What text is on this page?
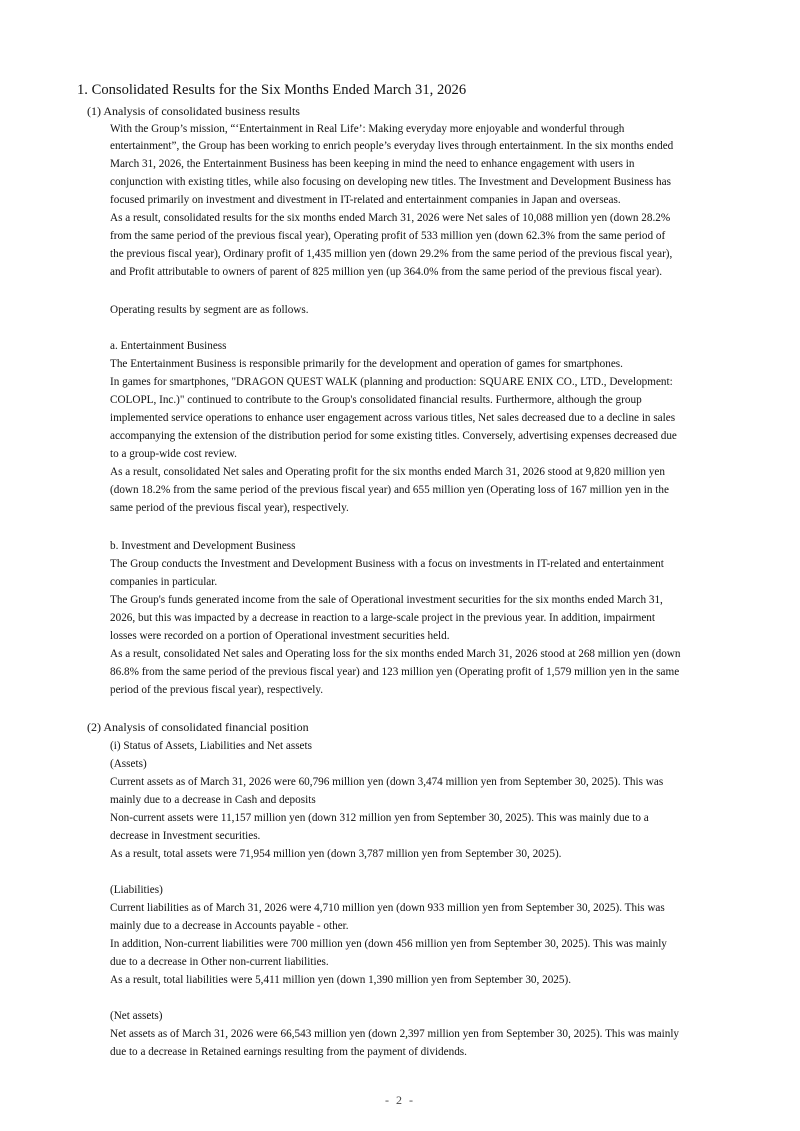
1. Consolidated Results for the Six Months Ended March 31, 2026
(1) Analysis of consolidated business results
With the Group’s mission, “‘Entertainment in Real Life’: Making everyday more enjoyable and wonderful through
entertainment”, the Group has been working to enrich people’s everyday lives through entertainment. In the six months ended
March 31, 2026, the Entertainment Business has been keeping in mind the need to enhance engagement with users in
conjunction with existing titles, while also focusing on developing new titles. The Investment and Development Business has
focused primarily on investment and divestment in IT-related and entertainment companies in Japan and overseas.
As a result, consolidated results for the six months ended March 31, 2026 were Net sales of 10,088 million yen (down 28.2%
from the same period of the previous fiscal year), Operating profit of 533 million yen (down 62.3% from the same period of
the previous fiscal year), Ordinary profit of 1,435 million yen (down 29.2% from the same period of the previous fiscal year),
and Profit attributable to owners of parent of 825 million yen (up 364.0% from the same period of the previous fiscal year).
Operating results by segment are as follows.
a. Entertainment Business
The Entertainment Business is responsible primarily for the development and operation of games for smartphones.
In games for smartphones, "DRAGON QUEST WALK (planning and production: SQUARE ENIX CO., LTD., Development:
COLOPL, Inc.)" continued to contribute to the Group's consolidated financial results. Furthermore, although the group
implemented service operations to enhance user engagement across various titles, Net sales decreased due to a decline in sales
accompanying the extension of the distribution period for some existing titles. Conversely, advertising expenses decreased due
to a group-wide cost review.
As a result, consolidated Net sales and Operating profit for the six months ended March 31, 2026 stood at 9,820 million yen
(down 18.2% from the same period of the previous fiscal year) and 655 million yen (Operating loss of 167 million yen in the
same period of the previous fiscal year), respectively.
b. Investment and Development Business
The Group conducts the Investment and Development Business with a focus on investments in IT-related and entertainment
companies in particular.
The Group's funds generated income from the sale of Operational investment securities for the six months ended March 31,
2026, but this was impacted by a decrease in reaction to a large-scale project in the previous year. In addition, impairment
losses were recorded on a portion of Operational investment securities held.
As a result, consolidated Net sales and Operating loss for the six months ended March 31, 2026 stood at 268 million yen (down
86.8% from the same period of the previous fiscal year) and 123 million yen (Operating profit of 1,579 million yen in the same
period of the previous fiscal year), respectively.
(2) Analysis of consolidated financial position
(i) Status of Assets, Liabilities and Net assets
(Assets)
Current assets as of March 31, 2026 were 60,796 million yen (down 3,474 million yen from September 30, 2025). This was
mainly due to a decrease in Cash and deposits
Non-current assets were 11,157 million yen (down 312 million yen from September 30, 2025). This was mainly due to a
decrease in Investment securities.
As a result, total assets were 71,954 million yen (down 3,787 million yen from September 30, 2025).
(Liabilities)
Current liabilities as of March 31, 2026 were 4,710 million yen (down 933 million yen from September 30, 2025). This was
mainly due to a decrease in Accounts payable - other.
In addition, Non-current liabilities were 700 million yen (down 456 million yen from September 30, 2025). This was mainly
due to a decrease in Other non-current liabilities.
As a result, total liabilities were 5,411 million yen (down 1,390 million yen from September 30, 2025).
(Net assets)
Net assets as of March 31, 2026 were 66,543 million yen (down 2,397 million yen from September 30, 2025). This was mainly
due to a decrease in Retained earnings resulting from the payment of dividends.
- 2 -
